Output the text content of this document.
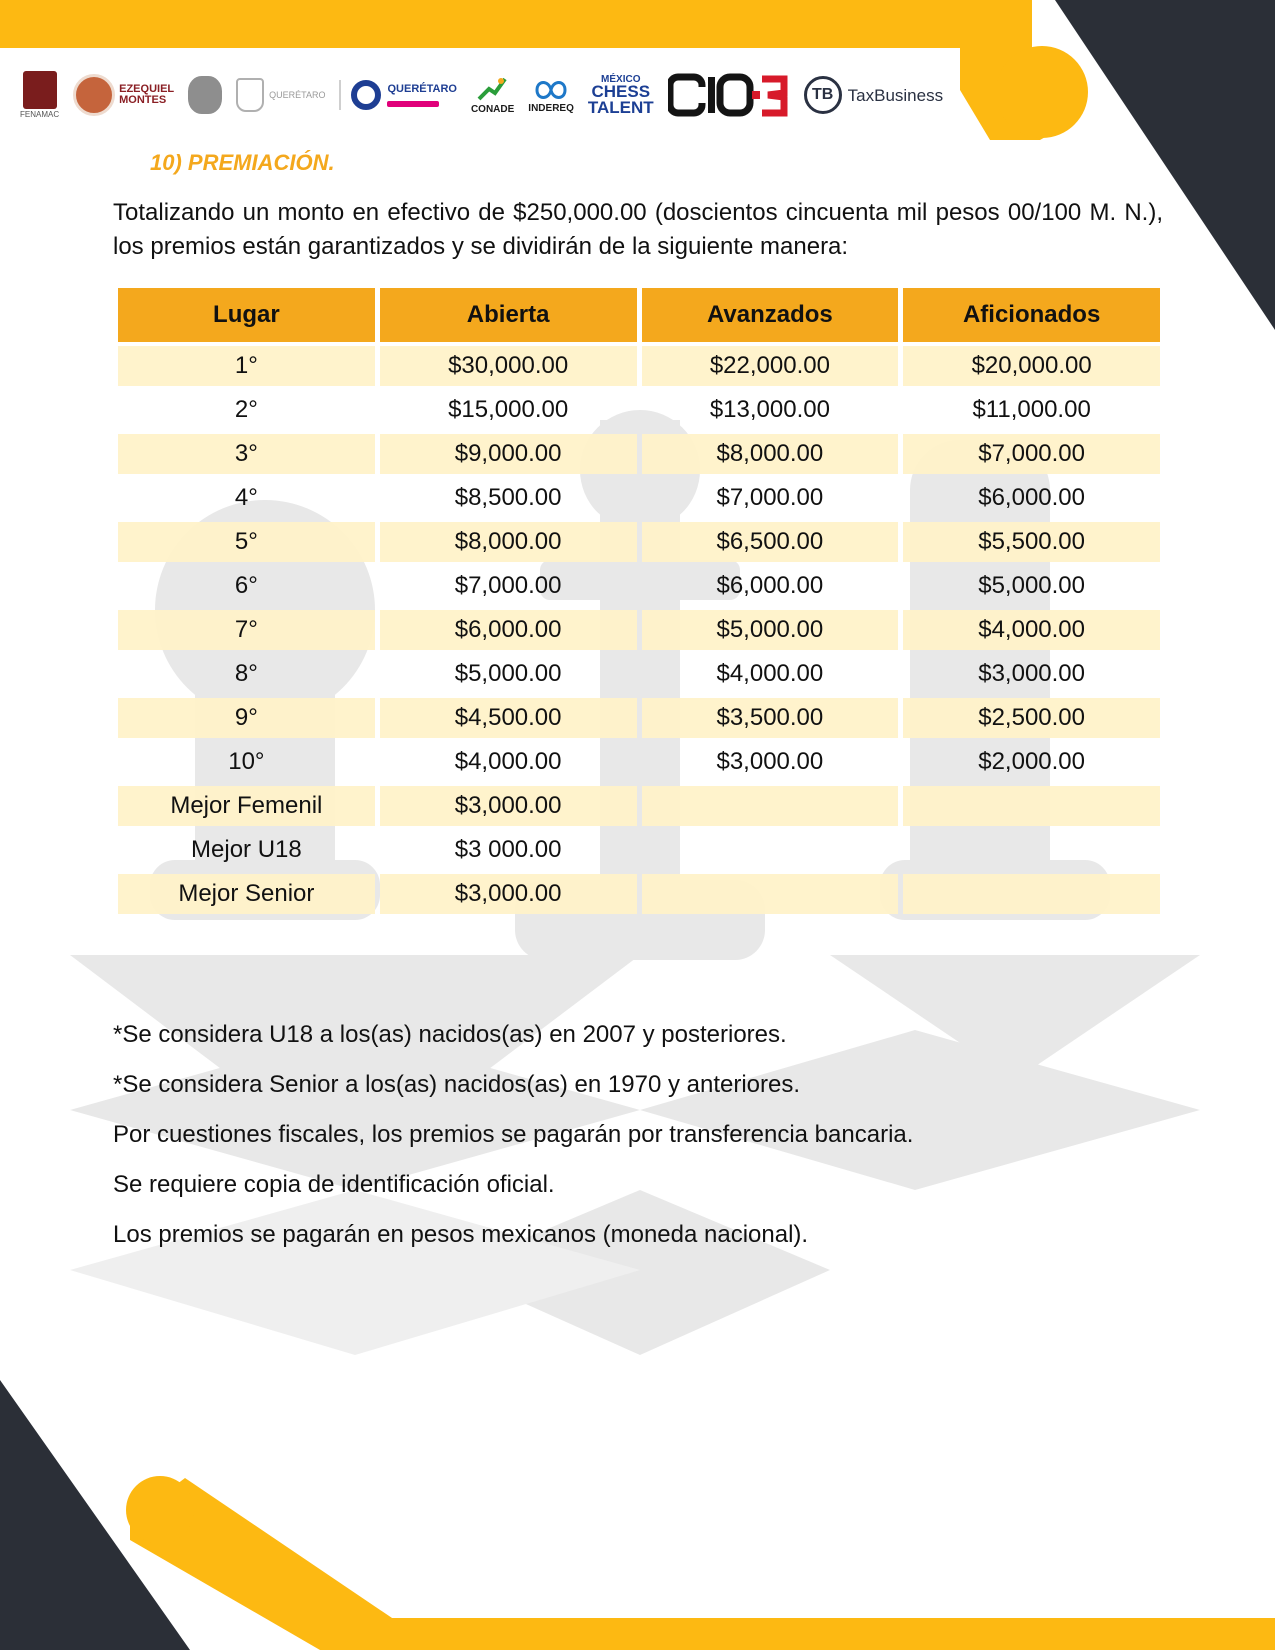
FENAMAC
EZEQUIEL
MONTES	QUERÉTARO	QUERÉTARO
CONADE INDEREQ
MÉXICO
CHESS
TALENT
TB TaxBusiness
10) PREMIACIÓN.

Totalizando un monto en efectivo de $250,000.00 (doscientos cincuenta mil pesos 00/100 M. N.), los premios están garantizados y se dividirán de la siguiente manera:

Lugar	Abierta	Avanzados	Aficionados
1°	$30,000.00	$22,000.00	$20,000.00
2°	$15,000.00	$13,000.00	$11,000.00
3°	$9,000.00	$8,000.00	$7,000.00
4°	$8,500.00	$7,000.00	$6,000.00
5°	$8,000.00	$6,500.00	$5,500.00
6°	$7,000.00	$6,000.00	$5,000.00
7°	$6,000.00	$5,000.00	$4,000.00
8°	$5,000.00	$4,000.00	$3,000.00
9°	$4,500.00	$3,500.00	$2,500.00
10°	$4,000.00	$3,000.00	$2,000.00
Mejor Femenil	$3,000.00		
Mejor U18	$3 000.00		
Mejor Senior	$3,000.00		
*Se considera U18 a los(as) nacidos(as) en 2007 y posteriores.
*Se considera Senior a los(as) nacidos(as) en 1970 y anteriores.
Por cuestiones fiscales, los premios se pagarán por transferencia bancaria.
Se requiere copia de identificación oficial.
Los premios se pagarán en pesos mexicanos (moneda nacional).
